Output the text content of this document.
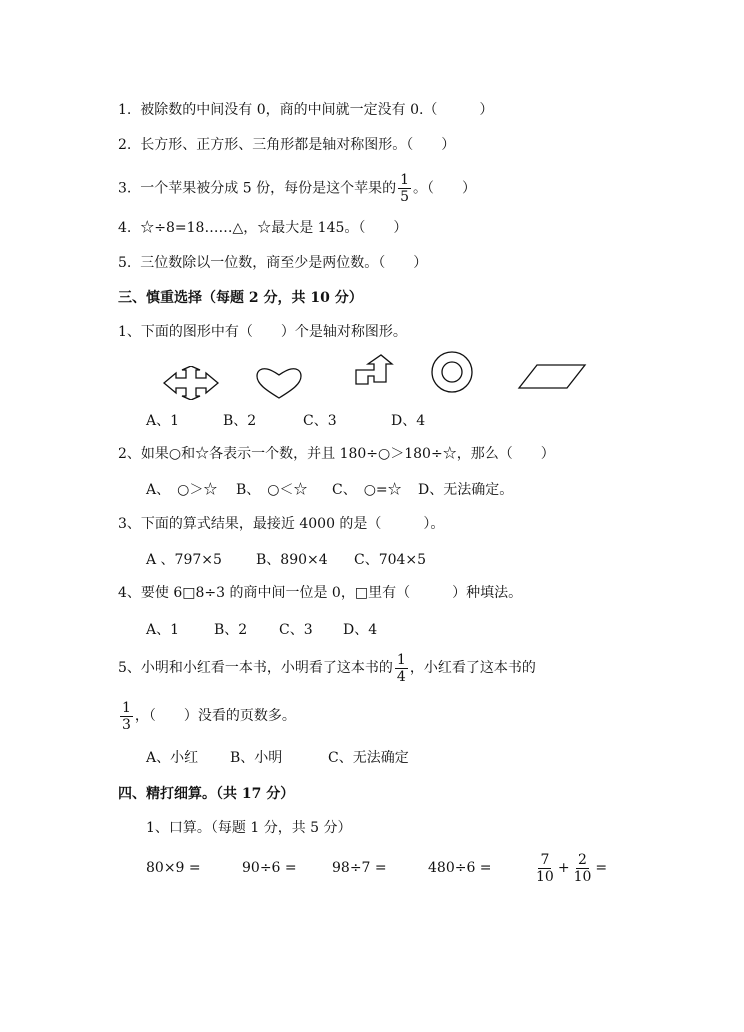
1. 被除数的中间没有 0，商的中间就一定没有 0.（　　　）
2. 长方形、正方形、三角形都是轴对称图形。（　　）
3. 一个苹果被分成 5 份，每份是这个苹果的 $\frac{1}{5}$ 。（　　）
4. ☆÷8=18……△，☆最大是 145。（　　）
5. 三位数除以一位数，商至少是两位数。（　　）
三、慎重选择（每题 2 分，共 10 分）
1、下面的图形中有（　　）个是轴对称图形。
A、1	B、2	C、3	D、4
2、如果○和☆各表示一个数，并且 180÷○＞180÷☆，那么（　　）
A、　○＞☆ B、　○＜☆ C、　○=☆ D、无法确定。
3、下面的算式结果，最接近 4000 的是（　　　）。
A 、797×5 B、890×4 C、704×5
4、要使 6□8÷3 的商中间一位是 0，□里有（　　　）种填法。
A、1 B、2 C、3 D、4
5、小明和小红看一本书，小明看了这本书的 $\frac{1}{4}$ ，小红看了这本书的
$\frac{1}{3}$ ，（　　）没看的页数多。
A、小红 B、小明	C、无法确定
四、精打细算。（共 17 分）
1、口算。（每题 1 分，共 5 分）
80×9 =	90÷6 =	98÷7 =	480÷6 =	$\frac{7}{10} + \frac{2}{10}$ =
